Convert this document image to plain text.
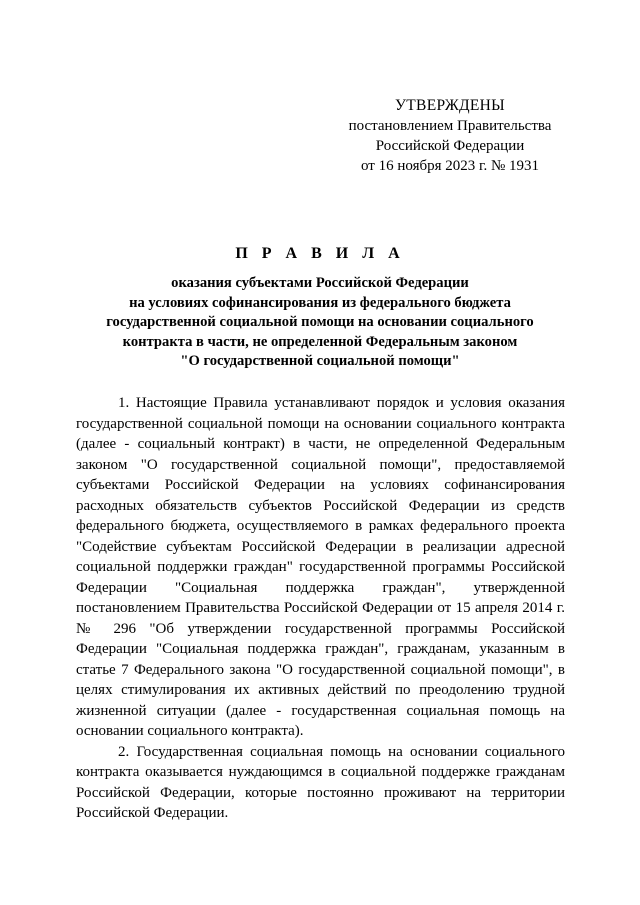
УТВЕРЖДЕНЫ
постановлением Правительства
Российской Федерации
от 16 ноября 2023 г. № 1931
П Р А В И Л А
оказания субъектами Российской Федерации
на условиях софинансирования из федерального бюджета
государственной социальной помощи на основании социального
контракта в части, не определенной Федеральным законом
"О государственной социальной помощи"

1. Настоящие Правила устанавливают порядок и условия оказания государственной социальной помощи на основании социального контракта (далее - социальный контракт) в части, не определенной Федеральным законом "О государственной социальной помощи", предоставляемой субъектами Российской Федерации на условиях софинансирования расходных обязательств субъектов Российской Федерации из средств федерального бюджета, осуществляемого в рамках федерального проекта "Содействие субъектам Российской Федерации в реализации адресной социальной поддержки граждан" государственной программы Российской Федерации "Социальная поддержка граждан", утвержденной постановлением Правительства Российской Федерации от 15 апреля 2014 г. № 296 "Об утверждении государственной программы Российской Федерации "Социальная поддержка граждан", гражданам, указанным в статье 7 Федерального закона "О государственной социальной помощи", в целях стимулирования их активных действий по преодолению трудной жизненной ситуации (далее - государственная социальная помощь на основании социального контракта).

2. Государственная социальная помощь на основании социального контракта оказывается нуждающимся в социальной поддержке гражданам Российской Федерации, которые постоянно проживают на территории Российской Федерации.
